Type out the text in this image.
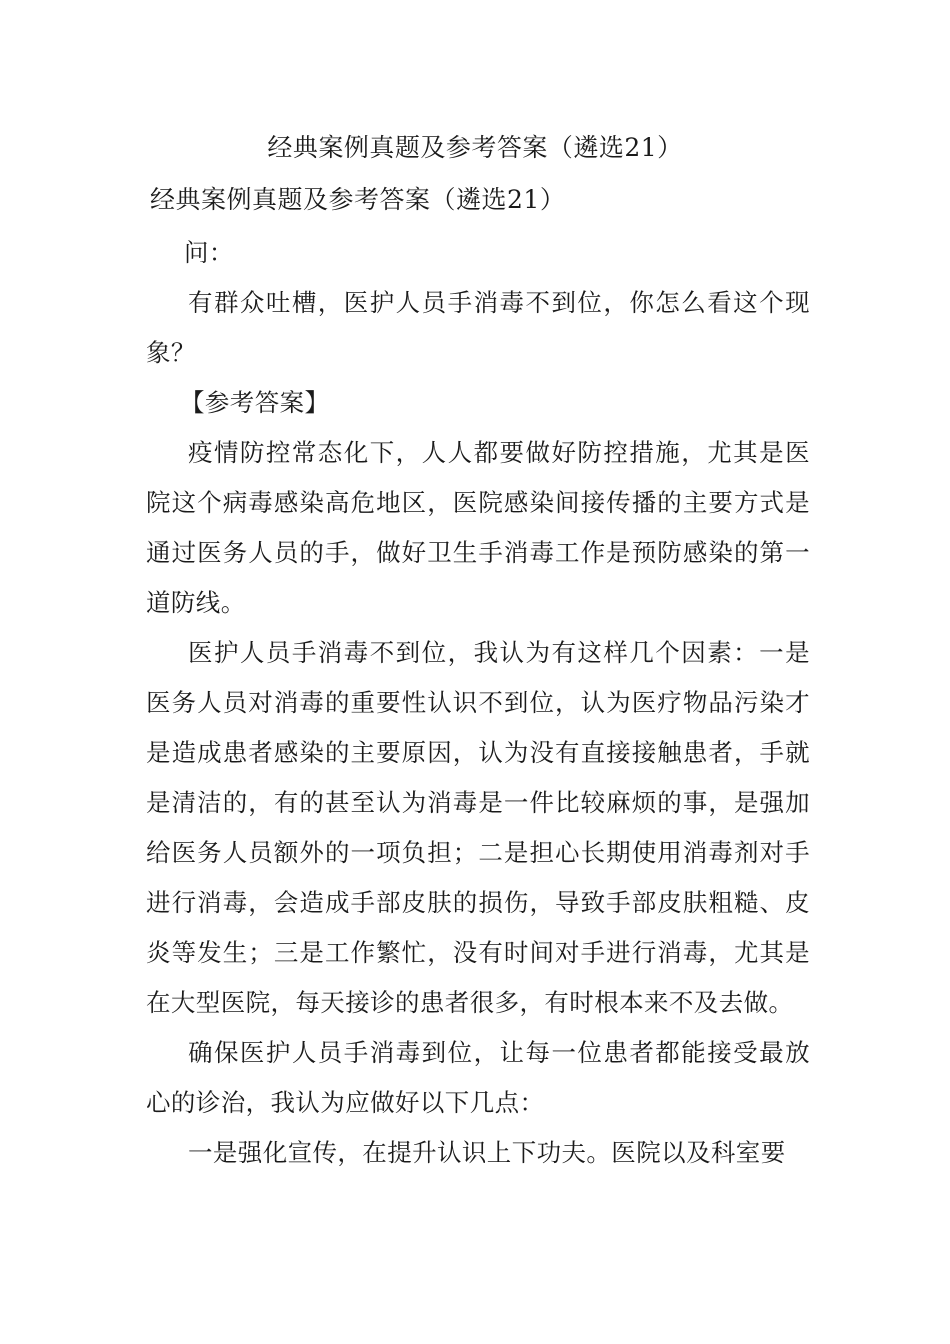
经典案例真题及参考答案（遴选21）
经典案例真题及参考答案（遴选21）

问：

有群众吐槽，医护人员手消毒不到位，你怎么看这个现象？

【参考答案】

疫情防控常态化下，人人都要做好防控措施，尤其是医院这个病毒感染高危地区，医院感染间接传播的主要方式是通过医务人员的手，做好卫生手消毒工作是预防感染的第一道防线。

医护人员手消毒不到位，我认为有这样几个因素：一是医务人员对消毒的重要性认识不到位，认为医疗物品污染才是造成患者感染的主要原因，认为没有直接接触患者，手就是清洁的，有的甚至认为消毒是一件比较麻烦的事，是强加给医务人员额外的一项负担；二是担心长期使用消毒剂对手进行消毒，会造成手部皮肤的损伤，导致手部皮肤粗糙、皮炎等发生；三是工作繁忙，没有时间对手进行消毒，尤其是在大型医院，每天接诊的患者很多，有时根本来不及去做。

确保医护人员手消毒到位，让每一位患者都能接受最放心的诊治，我认为应做好以下几点：

一是强化宣传，在提升认识上下功夫。医院以及科室要
